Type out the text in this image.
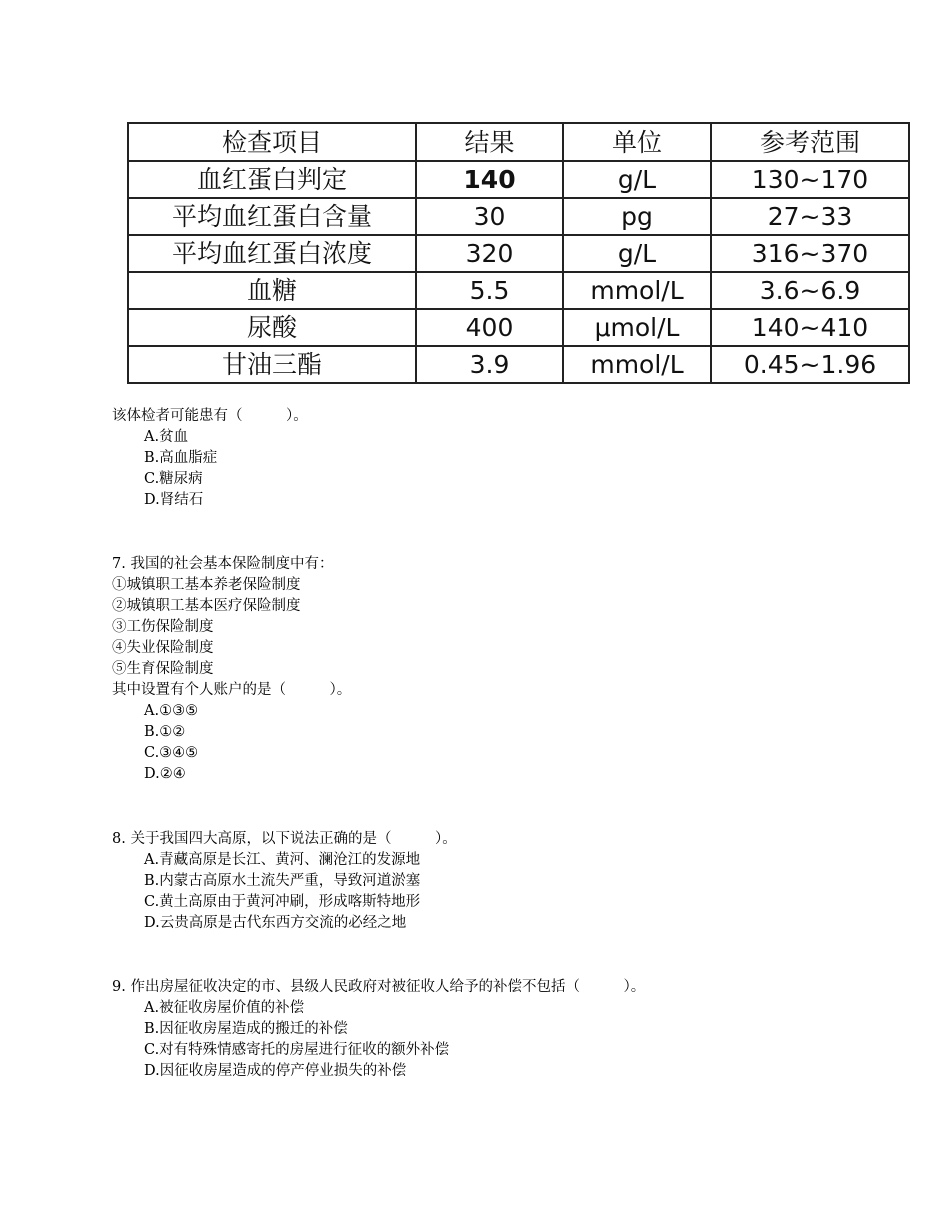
检查项目	结果	单位	参考范围
血红蛋白判定	140	g/L	130~170
平均血红蛋白含量	30	pg	27~33
平均血红蛋白浓度	320	g/L	316~370
血糖	5.5	mmol/L	3.6~6.9
尿酸	400	μmol/L	140~410
甘油三酯	3.9	mmol/L	0.45~1.96
该体检者可能患有（　　　）。
A.贫血
B.高血脂症
C.糖尿病
D.肾结石
7. 我国的社会基本保险制度中有：
①城镇职工基本养老保险制度
②城镇职工基本医疗保险制度
③工伤保险制度
④失业保险制度
⑤生育保险制度
其中设置有个人账户的是（　　　）。
A.①③⑤
B.①②
C.③④⑤
D.②④
8. 关于我国四大高原，以下说法正确的是（　　　）。
A.青藏高原是长江、黄河、澜沧江的发源地
B.内蒙古高原水土流失严重，导致河道淤塞
C.黄土高原由于黄河冲刷，形成喀斯特地形
D.云贵高原是古代东西方交流的必经之地
9. 作出房屋征收决定的市、县级人民政府对被征收人给予的补偿不包括（　　　）。
A.被征收房屋价值的补偿
B.因征收房屋造成的搬迁的补偿
C.对有特殊情感寄托的房屋进行征收的额外补偿
D.因征收房屋造成的停产停业损失的补偿
